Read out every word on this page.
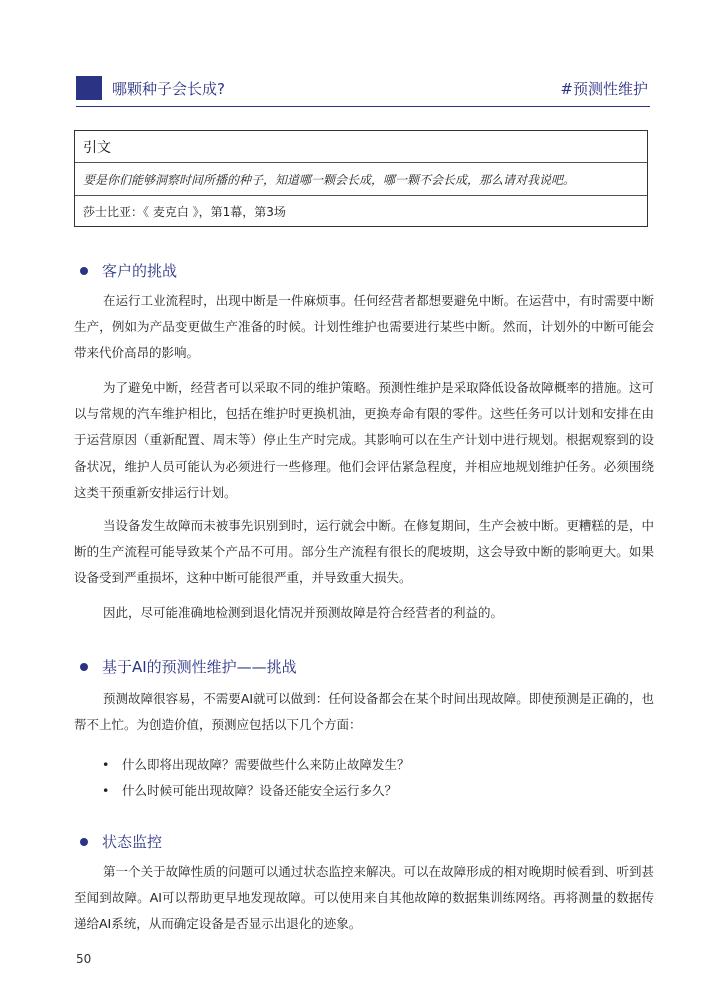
哪颗种子会长成?	#预测性维护
引文
要是你们能够洞察时间所播的种子，知道哪一颗会长成，哪一颗不会长成，那么请对我说吧。
莎士比亚：《 麦克白 》，第1幕，第3场
客户的挑战
在运行工业流程时，出现中断是一件麻烦事。任何经营者都想要避免中断。在运营中，有时需要中断生产，例如为产品变更做生产准备的时候。计划性维护也需要进行某些中断。然而，计划外的中断可能会带来代价高昂的影响。
为了避免中断，经营者可以采取不同的维护策略。预测性维护是采取降低设备故障概率的措施。这可以与常规的汽车维护相比，包括在维护时更换机油，更换寿命有限的零件。这些任务可以计划和安排在由于运营原因（重新配置、周末等）停止生产时完成。其影响可以在生产计划中进行规划。根据观察到的设备状况，维护人员可能认为必须进行一些修理。他们会评估紧急程度，并相应地规划维护任务。必须围绕这类干预重新安排运行计划。
当设备发生故障而未被事先识别到时，运行就会中断。在修复期间，生产会被中断。更糟糕的是，中断的生产流程可能导致某个产品不可用。部分生产流程有很长的爬坡期，这会导致中断的影响更大。如果设备受到严重损坏，这种中断可能很严重，并导致重大损失。
因此，尽可能准确地检测到退化情况并预测故障是符合经营者的利益的。
基于AI的预测性维护——挑战
预测故障很容易，不需要AI就可以做到：任何设备都会在某个时间出现故障。即使预测是正确的，也帮不上忙。为创造价值，预测应包括以下几个方面：
• 什么即将出现故障？需要做些什么来防止故障发生？
• 什么时候可能出现故障？设备还能安全运行多久？
状态监控
第一个关于故障性质的问题可以通过状态监控来解决。可以在故障形成的相对晚期时候看到、听到甚至闻到故障。AI可以帮助更早地发现故障。可以使用来自其他故障的数据集训练网络。再将测量的数据传递给AI系统，从而确定设备是否显示出退化的迹象。
50
